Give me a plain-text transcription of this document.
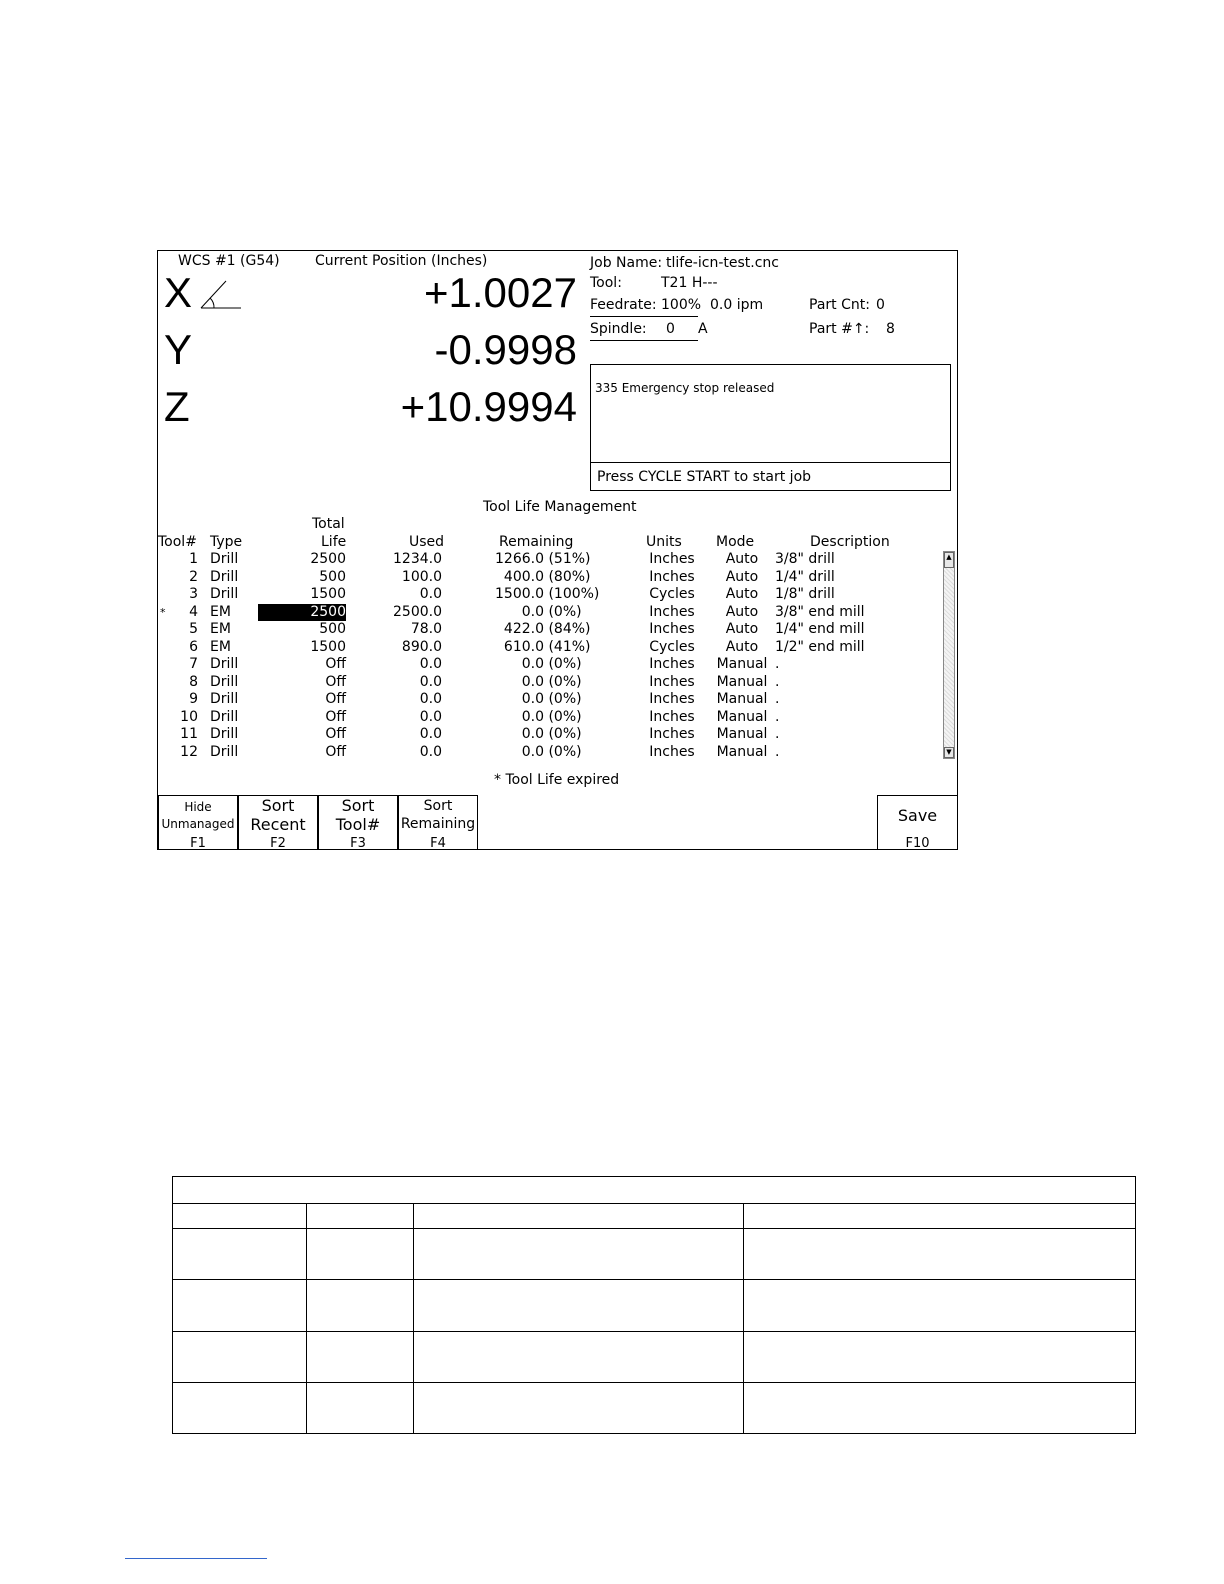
WCS #1 (G54)	Current Position (Inches)
X	+1.0027
Y	-0.9998
Z	+10.9994
Job Name: tlife-icn-test.cnc
Tool:	T21 H---
Feedrate: 100% 0.0 ipm
Spindle: 0 A
Part Cnt: 0
Part #↑: 8
335 Emergency stop released
Press CYCLE START to start job
Tool Life Management
Total
Tool# Type	Life	Used	Remaining	Units Mode	Description
1 Drill	2500	1234.0	1266.0 (51%)	Inches	Auto	3/8" drill
2 Drill	500	100.0	400.0 (80%)	Inches	Auto	1/4" drill
3 Drill	1500	0.0	1500.0 (100%)	Cycles	Auto	1/8" drill
*	4 EM	2500	2500.0	0.0 (0%)	Inches	Auto	3/8" end mill
5 EM	500	78.0	422.0 (84%)	Inches	Auto	1/4" end mill
6 EM	1500	890.0	610.0 (41%)	Cycles	Auto	1/2" end mill
7 Drill	Off	0.0	0.0 (0%)	Inches Manual .
8 Drill	Off	0.0	0.0 (0%)	Inches Manual .
9 Drill	Off	0.0	0.0 (0%)	Inches Manual .
10 Drill	Off	0.0	0.0 (0%)	Inches Manual .
11 Drill	Off	0.0	0.0 (0%)	Inches Manual .
12 Drill	Off	0.0	0.0 (0%)	Inches Manual .
▲
▼
* Tool Life expired
Hide
Unmanaged
F1
Sort
Recent
F2
Sort
Tool#
F3
Sort
Remaining
F4
Save
F10
